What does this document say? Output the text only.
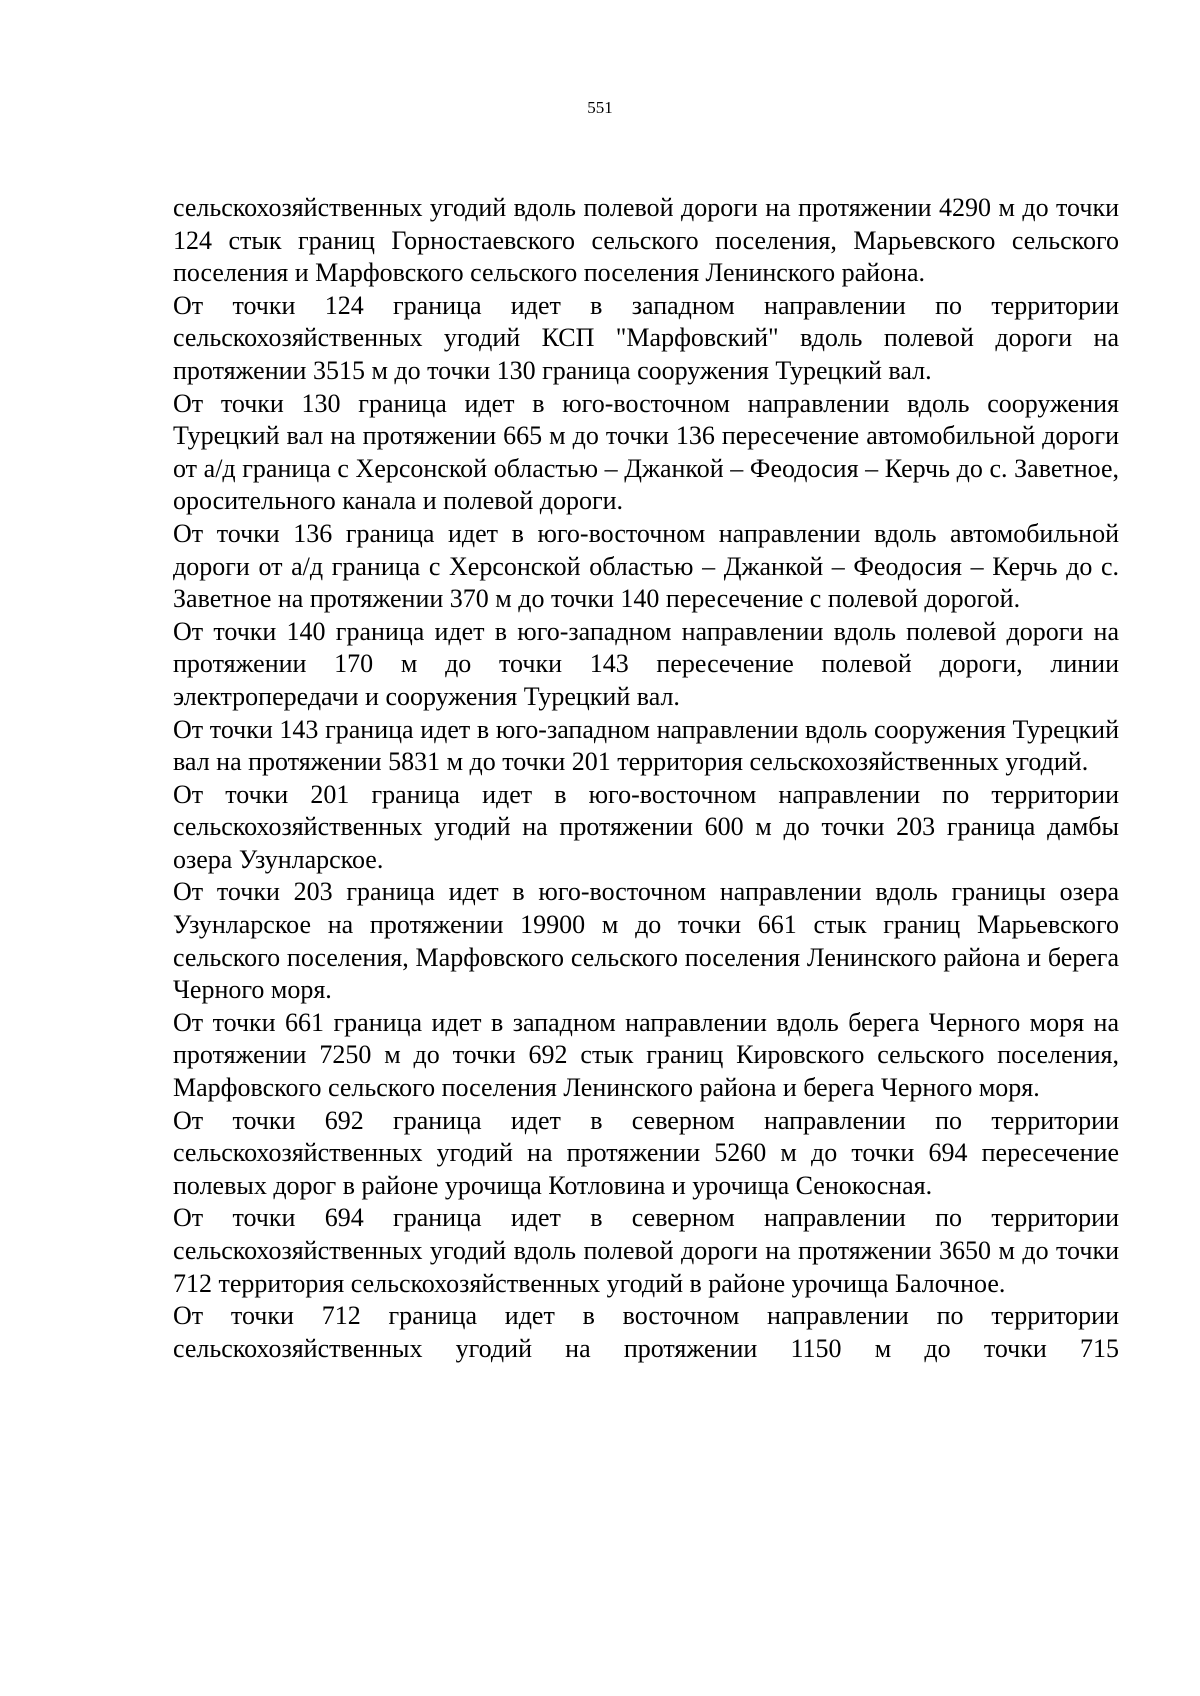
551

сельскохозяйственных угодий вдоль полевой дороги на протяжении 4290 м до точки 124 стык границ Горностаевского сельского поселения, Марьевского сельского поселения и Марфовского сельского поселения Ленинского района.

От точки 124 граница идет в западном направлении по территории сельскохозяйственных угодий КСП "Марфовский" вдоль полевой дороги на протяжении 3515 м до точки 130 граница сооружения Турецкий вал.

От точки 130 граница идет в юго-восточном направлении вдоль сооружения Турецкий вал на протяжении 665 м до точки 136 пересечение автомобильной дороги от а/д граница с Херсонской областью – Джанкой – Феодосия – Керчь до с. Заветное, оросительного канала и полевой дороги.

От точки 136 граница идет в юго-восточном направлении вдоль автомобильной дороги от а/д граница с Херсонской областью – Джанкой – Феодосия – Керчь до с. Заветное на протяжении 370 м до точки 140 пересечение с полевой дорогой.

От точки 140 граница идет в юго-западном направлении вдоль полевой дороги на протяжении 170 м до точки 143 пересечение полевой дороги, линии электропередачи и сооружения Турецкий вал.

От точки 143 граница идет в юго-западном направлении вдоль сооружения Турецкий вал на протяжении 5831 м до точки 201 территория сельскохозяйственных угодий.

От точки 201 граница идет в юго-восточном направлении по территории сельскохозяйственных угодий на протяжении 600 м до точки 203 граница дамбы озера Узунларское.

От точки 203 граница идет в юго-восточном направлении вдоль границы озера Узунларское на протяжении 19900 м до точки 661 стык границ Марьевского сельского поселения, Марфовского сельского поселения Ленинского района и берега Черного моря.

От точки 661 граница идет в западном направлении вдоль берега Черного моря на протяжении 7250 м до точки 692 стык границ Кировского сельского поселения, Марфовского сельского поселения Ленинского района и берега Черного моря.

От точки 692 граница идет в северном направлении по территории сельскохозяйственных угодий на протяжении 5260 м до точки 694 пересечение полевых дорог в районе урочища Котловина и урочища Сенокосная.

От точки 694 граница идет в северном направлении по территории сельскохозяйственных угодий вдоль полевой дороги на протяжении 3650 м до точки 712 территория сельскохозяйственных угодий в районе урочища Балочное.

От точки 712 граница идет в восточном направлении по территории сельскохозяйственных угодий на протяжении 1150 м до точки 715
